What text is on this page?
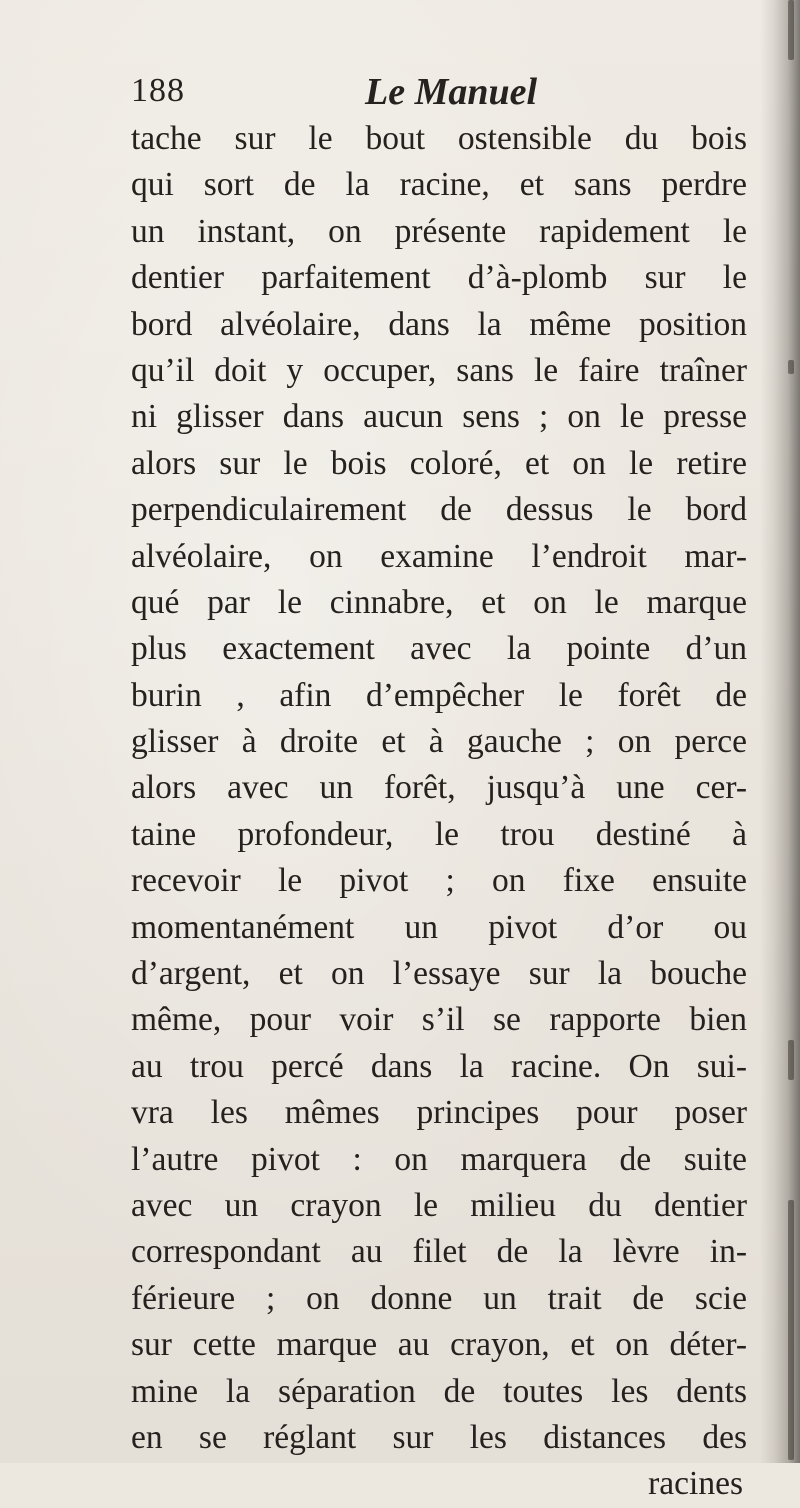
188	Le Manuel
tache sur le bout ostensible du bois
qui sort de la racine, et sans perdre
un instant, on présente rapidement le
dentier parfaitement d’à-plomb sur le
bord alvéolaire, dans la même position
qu’il doit y occuper, sans le faire traîner
ni glisser dans aucun sens ; on le presse
alors sur le bois coloré, et on le retire
perpendiculairement de dessus le bord
alvéolaire, on examine l’endroit mar-
qué par le cinnabre, et on le marque
plus exactement avec la pointe d’un
burin , afin d’empêcher le forêt de
glisser à droite et à gauche ; on perce
alors avec un forêt, jusqu’à une cer-
taine profondeur, le trou destiné à
recevoir le pivot ; on fixe ensuite
momentanément un pivot d’or ou
d’argent, et on l’essaye sur la bouche
même, pour voir s’il se rapporte bien
au trou percé dans la racine. On sui-
vra les mêmes principes pour poser
l’autre pivot : on marquera de suite
avec un crayon le milieu du dentier
correspondant au filet de la lèvre in-
férieure ; on donne un trait de scie
sur cette marque au crayon, et on déter-
mine la séparation de toutes les dents
en se réglant sur les distances des
racines
